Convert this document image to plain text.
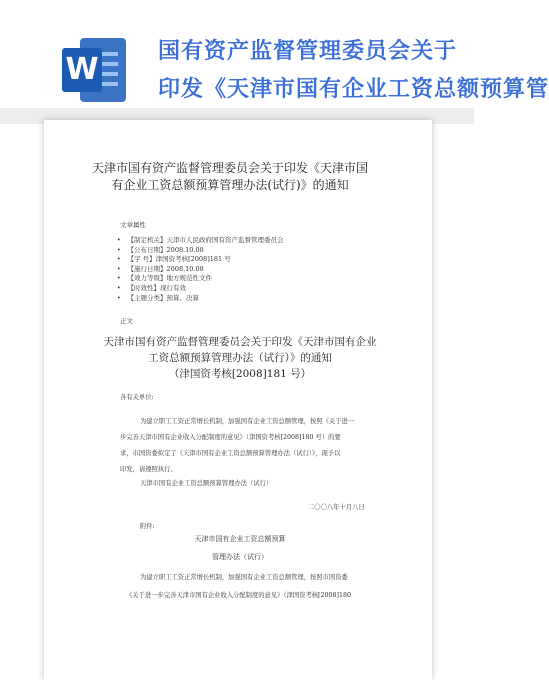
W
国有资产监督管理委员会关于
印发《天津市国有企业工资总额预算管
天津市国有资产监督管理委员会关于印发《天津市国
有企业工资总额预算管理办法(试行)》的通知
文章属性
• 【制定机关】天津市人民政府国有资产监督管理委员会
• 【公布日期】2008.10.08
• 【字 号】津国资考核[2008]181 号
• 【施行日期】2008.10.08
• 【效力等级】地方规范性文件
• 【时效性】现行有效
• 【主题分类】预算、决算
正文
天津市国有资产监督管理委员会关于印发《天津市国有企业
工资总额预算管理办法（试行）》的通知
（津国资考核[2008]181 号）
各有关单位:
为建立职工工资正常增长机制，加强国有企业工资总额管理，按照《关于进一
步完善天津市国有企业收入分配制度的意见》（津国资考核[2008]180 号）的要
求，市国资委拟定了《天津市国有企业工资总额预算管理办法（试行）》，现予以
印发，请遵照执行。
天津市国有企业工资总额预算管理办法（试行）
二〇〇八年十月八日
附件:
天津市国有企业工资总额预算
管理办法（试行）
为建立职工工资正常增长机制，加强国有企业工资总额管理，按照市国资委
《关于进一步完善天津市国有企业收入分配制度的意见》（津国资考核[2008]180
